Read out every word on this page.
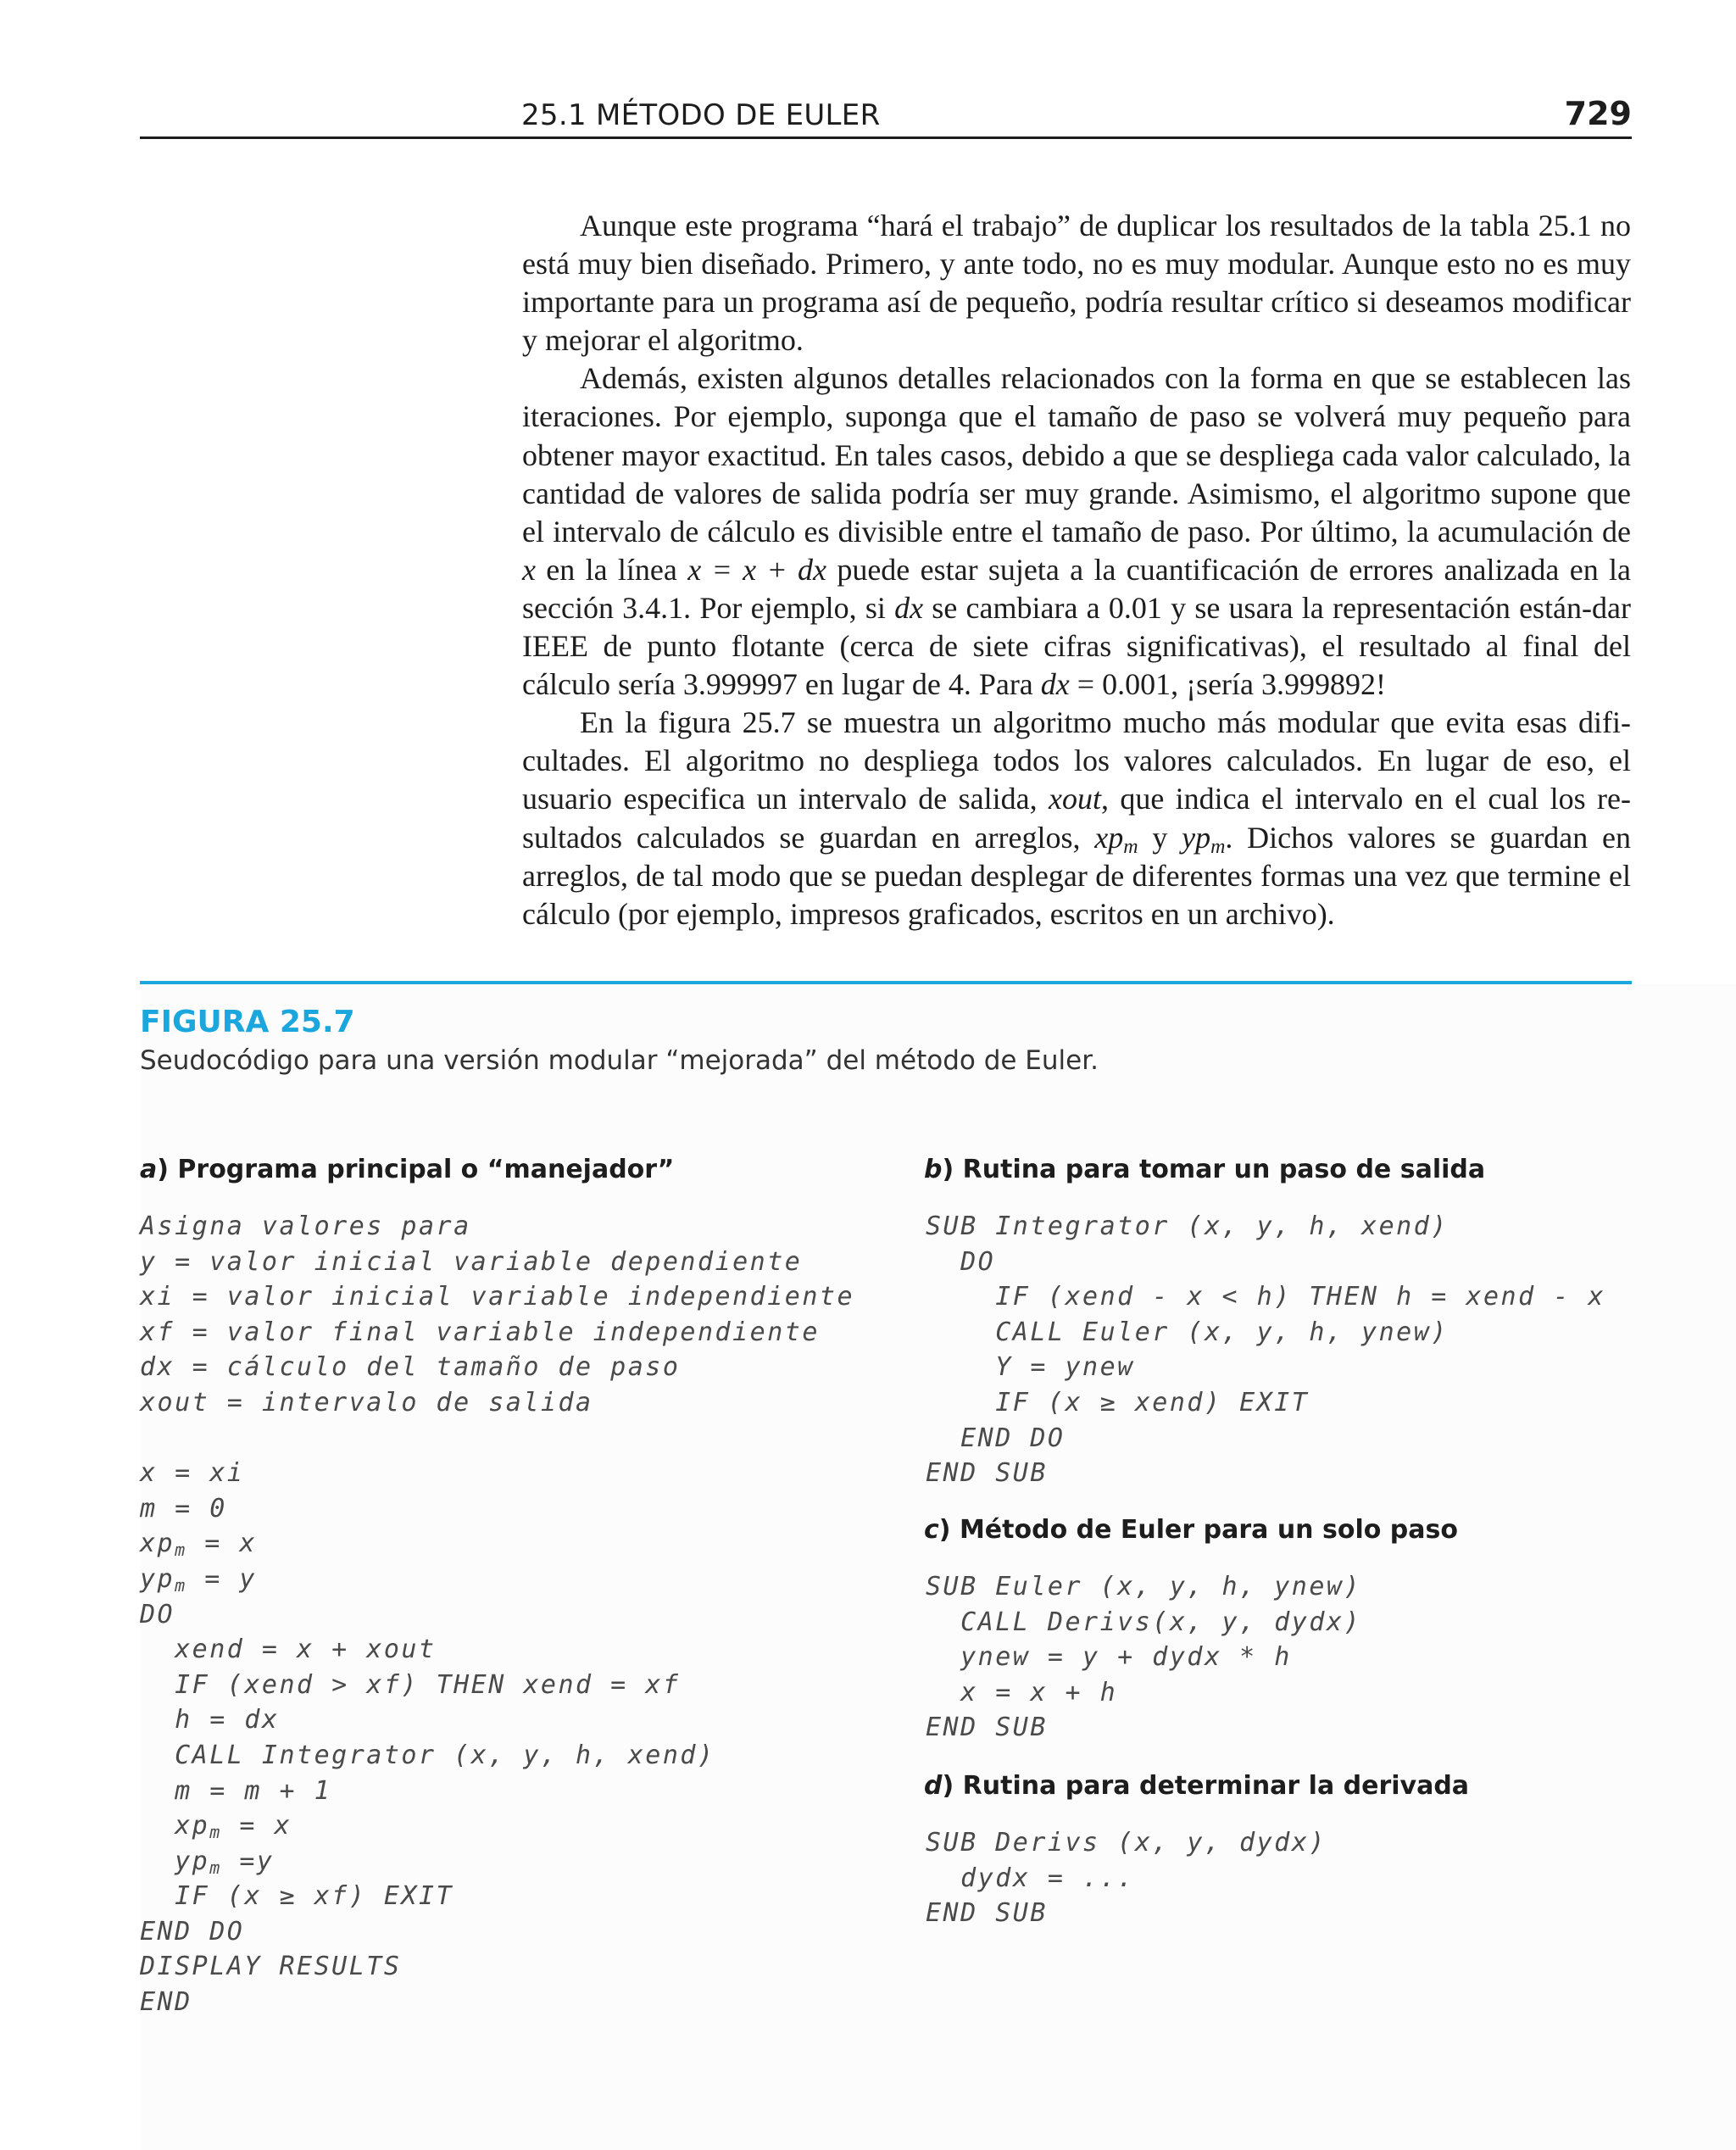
25.1 MÉTODO DE EULER	729

Aunque este programa “hará el trabajo” de duplicar los resultados de la tabla 25.1 no está muy bien diseñado. Primero, y ante todo, no es muy modular. Aunque esto no es muy importante para un programa así de pequeño, podría resultar crítico si deseamos modificar y mejorar el algoritmo.

Además, existen algunos detalles relacionados con la forma en que se establecen las iteraciones. Por ejemplo, suponga que el tamaño de paso se volverá muy pequeño para obtener mayor exactitud. En tales casos, debido a que se despliega cada valor calculado, la cantidad de valores de salida podría ser muy grande. Asimismo, el algoritmo supone que el intervalo de cálculo es divisible entre el tamaño de paso. Por último, la acumulación de x en la línea x = x + dx puede estar sujeta a la cuantificación de errores analizada en la sección 3.4.1. Por ejemplo, si dx se cambiara a 0.01 y se usara la representación están-dar IEEE de punto flotante (cerca de siete cifras significativas), el resultado al final del cálculo sería 3.999997 en lugar de 4. Para dx = 0.001, ¡sería 3.999892!

En la figura 25.7 se muestra un algoritmo mucho más modular que evita esas difi-cultades. El algoritmo no despliega todos los valores calculados. En lugar de eso, el usuario especifica un intervalo de salida, xout, que indica el intervalo en el cual los re-sultados calculados se guardan en arreglos, $xp_m$ y $yp_m$. Dichos valores se guardan en arreglos, de tal modo que se puedan desplegar de diferentes formas una vez que termine el cálculo (por ejemplo, impresos graficados, escritos en un archivo).

FIGURA 25.7
Seudocódigo para una versión modular “mejorada” del método de Euler.
a) Programa principal o “manejador”
Asigna valores para
y = valor inicial variable dependiente
xi = valor inicial variable independiente
xf = valor final variable independiente
dx = cálculo del tamaño de paso
xout = intervalo de salida

x = xi
m = 0
$xp_m = x$
$yp_m = y$
DO
xend = x + xout
IF (xend > xf) THEN xend = xf
h = dx
CALL Integrator (x, y, h, xend)
m = m + 1
$xp_m = x$
$yp_m =y$
IF (x ≥ xf) EXIT
END DO
DISPLAY RESULTS
END
b) Rutina para tomar un paso de salida
SUB Integrator (x, y, h, xend)
DO
IF (xend - x < h) THEN h = xend - x
CALL Euler (x, y, h, ynew)
Y = ynew
IF (x ≥ xend) EXIT
END DO
END SUB
c) Método de Euler para un solo paso
SUB Euler (x, y, h, ynew)
CALL Derivs(x, y, dydx)
ynew = y + dydx * h
x = x + h
END SUB
d) Rutina para determinar la derivada
SUB Derivs (x, y, dydx)
dydx = ...
END SUB
